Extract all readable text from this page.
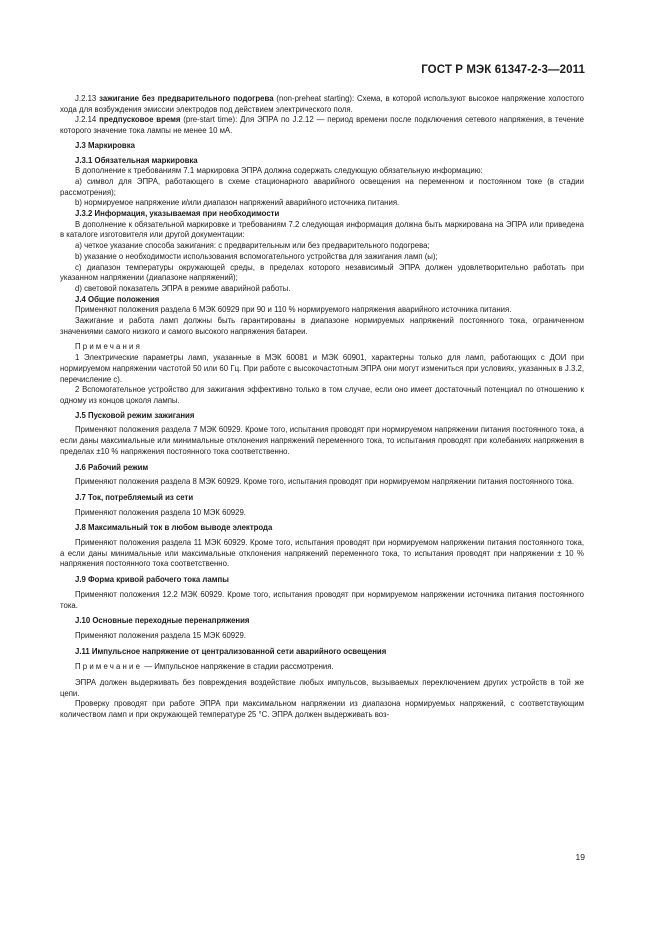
ГОСТ Р МЭК 61347-2-3—2011

J.2.13 зажигание без предварительного подогрева (non-preheat starting): Схема, в которой используют высокое напряжение холостого хода для возбуждения эмиссии электродов под действием электрического поля.

J.2.14 предпусковое время (pre-start time): Для ЭПРА по J.2.12 — период времени после подключения сетевого напряжения, в течение которого значение тока лампы не менее 10 мА.

J.3 Маркировка

J.3.1 Обязательная маркировка

В дополнение к требованиям 7.1 маркировка ЭПРА должна содержать следующую обязательную информацию:

a) символ для ЭПРА, работающего в схеме стационарного аварийного освещения на переменном и постоянном токе (в стадии рассмотрения);

b) нормируемое напряжение и/или диапазон напряжений аварийного источника питания.

J.3.2 Информация, указываемая при необходимости

В дополнение к обязательной маркировке и требованиям 7.2 следующая информация должна быть маркирована на ЭПРА или приведена в каталоге изготовителя или другой документации:

a) четкое указание способа зажигания: с предварительным или без предварительного подогрева;

b) указание о необходимости использования вспомогательного устройства для зажигания ламп (ы);

c) диапазон температуры окружающей среды, в пределах которого независимый ЭПРА должен удовлетворительно работать при указанном напряжении (диапазоне напряжений);

d) световой показатель ЭПРА в режиме аварийной работы.

J.4 Общие положения

Применяют положения раздела 6 МЭК 60929 при 90 и 110 % нормируемого напряжения аварийного источника питания.

Зажигание и работа ламп должны быть гарантированы в диапазоне нормируемых напряжений постоянного тока, ограниченном значениями самого низкого и самого высокого напряжения батареи.

Примечания

1 Электрические параметры ламп, указанные в МЭК 60081 и МЭК 60901, характерны только для ламп, работающих с ДОИ при нормируемом напряжении частотой 50 или 60 Гц. При работе с высокочастотным ЭПРА они могут измениться при условиях, указанных в J.3.2, перечисление c).

2 Вспомогательное устройство для зажигания эффективно только в том случае, если оно имеет достаточный потенциал по отношению к одному из концов цоколя лампы.

J.5 Пусковой режим зажигания

Применяют положения раздела 7 МЭК 60929. Кроме того, испытания проводят при нормируемом напряжении питания постоянного тока, а если даны максимальные или минимальные отклонения напряжений переменного тока, то испытания проводят при колебаниях напряжения в пределах ±10 % напряжения постоянного тока соответственно.

J.6 Рабочий режим

Применяют положения раздела 8 МЭК 60929. Кроме того, испытания проводят при нормируемом напряжении питания постоянного тока.

J.7 Ток, потребляемый из сети

Применяют положения раздела 10 МЭК 60929.

J.8 Максимальный ток в любом выводе электрода

Применяют положения раздела 11 МЭК 60929. Кроме того, испытания проводят при нормируемом напряжении питания постоянного тока, а если даны минимальные или максимальные отклонения напряжений переменного тока, то испытания проводят при напряжении ± 10 % напряжения постоянного тока соответственно.

J.9 Форма кривой рабочего тока лампы

Применяют положения 12.2 МЭК 60929. Кроме того, испытания проводят при нормируемом напряжении источника питания постоянного тока.

J.10 Основные переходные перенапряжения

Применяют положения раздела 15 МЭК 60929.

J.11 Импульсное напряжение от централизованной сети аварийного освещения

Примечание — Импульсное напряжение в стадии рассмотрения.

ЭПРА должен выдерживать без повреждения воздействие любых импульсов, вызываемых переключением других устройств в той же цепи.

Проверку проводят при работе ЭПРА при максимальном напряжении из диапазона нормируемых напряжений, с соответствующим количеством ламп и при окружающей температуре 25 °С. ЭПРА должен выдерживать воз-

19
